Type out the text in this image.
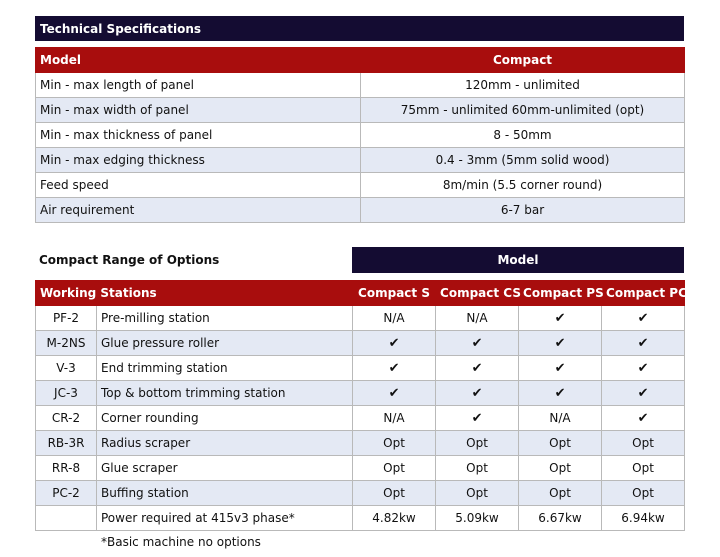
Technical Specifications
Model	Compact
Min - max length of panel	120mm - unlimited
Min - max width of panel	75mm - unlimited 60mm-unlimited (opt)
Min - max thickness of panel	8 - 50mm
Min - max edging thickness	0.4 - 3mm (5mm solid wood)
Feed speed	8m/min (5.5 corner round)
Air requirement	6-7 bar
Compact Range of Options	Model
Working Stations		Compact S	Compact CS	Compact PS	Compact PCS
PF-2	Pre-milling station	N/A	N/A	✔	✔
M-2NS	Glue pressure roller	✔	✔	✔	✔
V-3	End trimming station	✔	✔	✔	✔
JC-3	Top & bottom trimming station	✔	✔	✔	✔
CR-2	Corner rounding	N/A	✔	N/A	✔
RB-3R	Radius scraper	Opt	Opt	Opt	Opt
RR-8	Glue scraper	Opt	Opt	Opt	Opt
PC-2	Buffing station	Opt	Opt	Opt	Opt
	Power required at 415v3 phase*	4.82kw	5.09kw	6.67kw	6.94kw
*Basic machine no options
